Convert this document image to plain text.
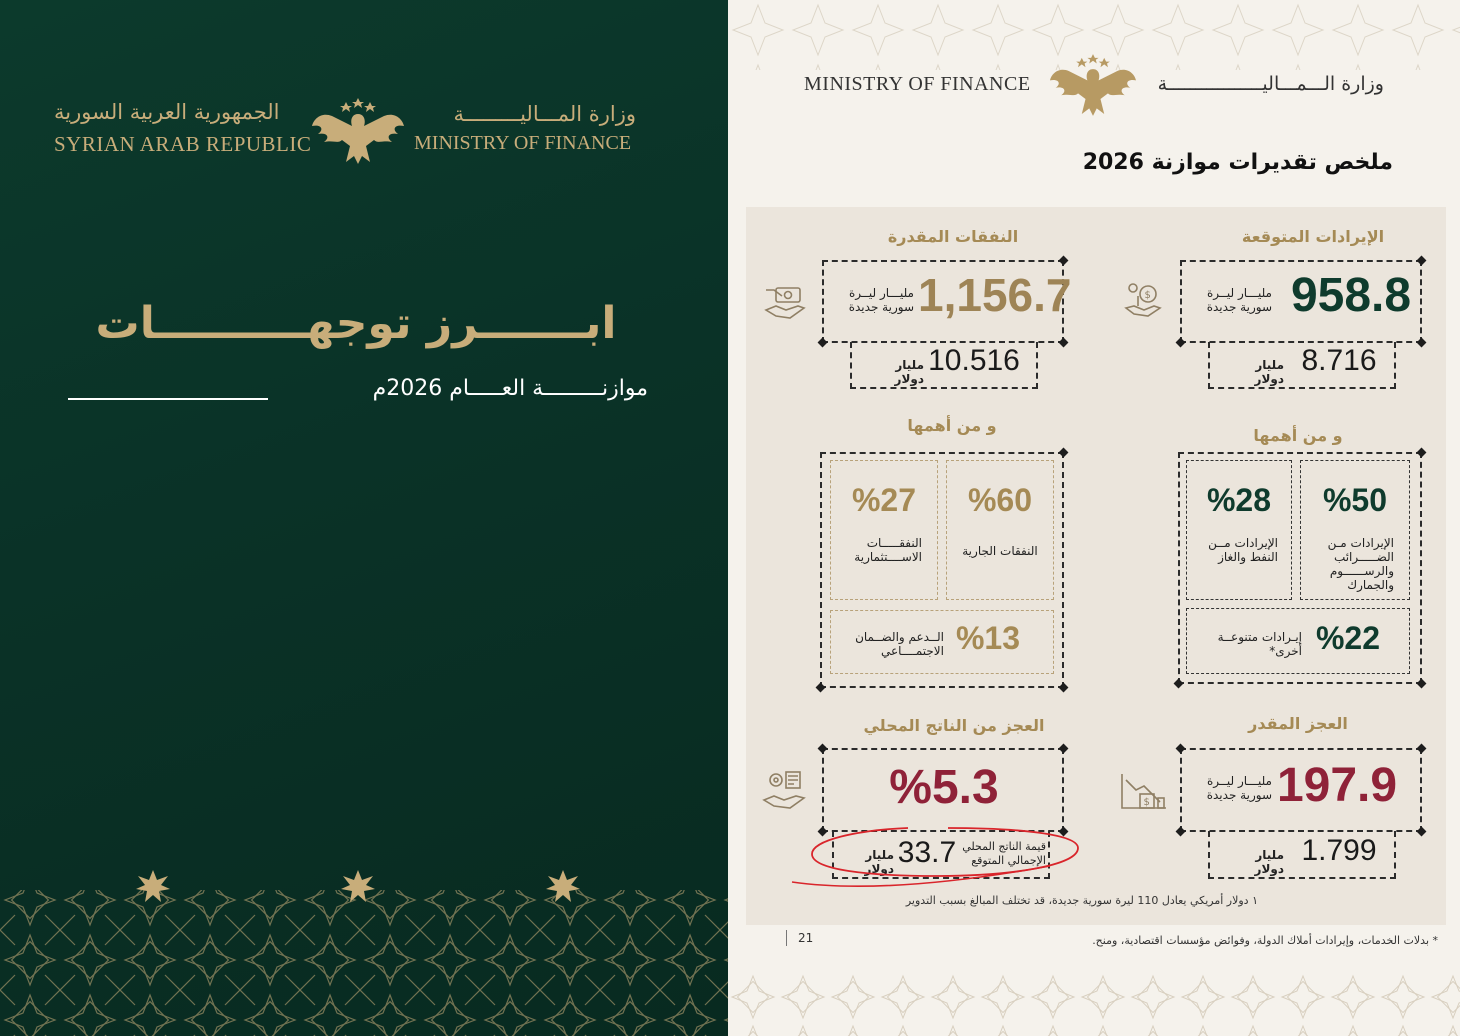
الجمهورية العربية السورية
SYRIAN ARAB REPUBLIC
وزارة المـــاليـــــــــة
MINISTRY OF FINANCE
ابـــــــرز توجهــــــــــات
موازنـــــــــة العـــــام 2026م
MINISTRY OF FINANCE	وزارة الـــمـــاليـــــــــــــــــة
ملخص تقديرات موازنة 2026
الإيرادات المتوقعة
958.8
مليـــار ليــرة سورية جديدة
8.716
مليار دولار
$
النفقات المقدرة
1,156.7
مليـــار ليــرة سورية جديدة
10.516
مليار دولار
و من أهمها
%50
الإيرادات مـن الضـــــرائب والرســــــوم والجمارك
%28
الإيرادات مــن النفط والغاز
%22
إيـرادات متنوعــة أخرى*
و من أهمها
%60
النفقات الجارية
%27
النفقـــــات الاســــتثمارية
%13
الــدعم والضــمان الاجتمــــاعي
العجز المقدر
197.9
مليـــار ليــرة سورية جديدة
1.799
مليار دولار
$
العجز من الناتج المحلي
%5.3
33.7 قيمة الناتج المحلي الإجمالي المتوقع
مليار دولار
١ دولار أمريكي يعادل 110 ليرة سورية جديدة، قد تختلف المبالغ بسبب التدوير
21	* بدلات الخدمات، وإيرادات أملاك الدولة، وفوائض مؤسسات اقتصادية، ومنح.
